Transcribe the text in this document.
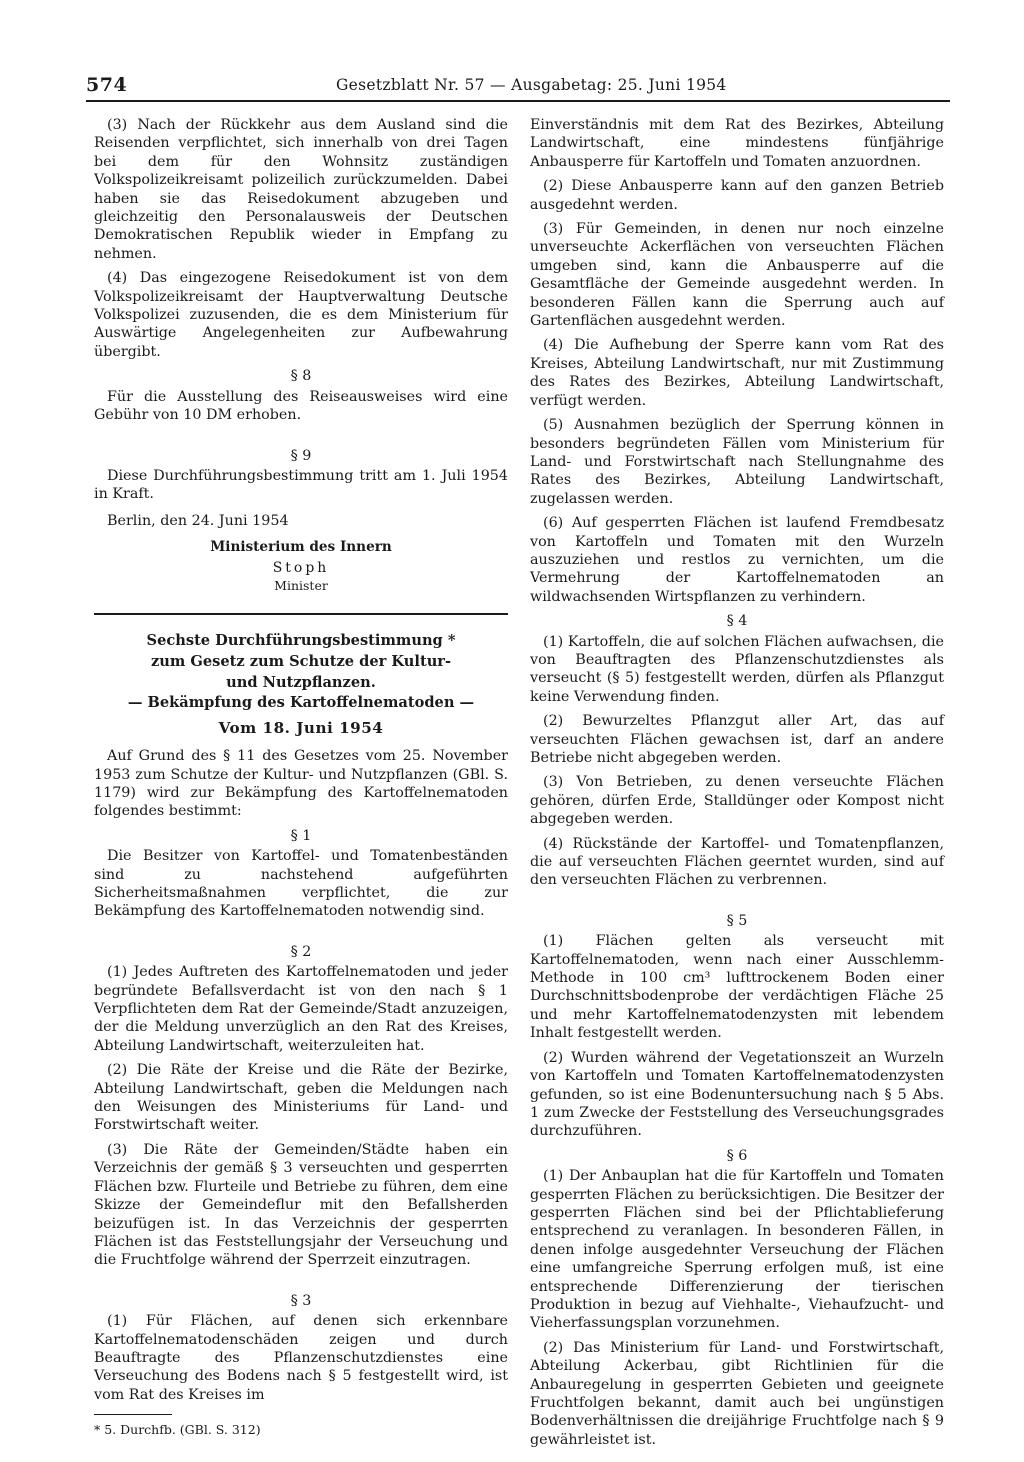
574	Gesetzblatt Nr. 57 — Ausgabetag: 25. Juni 1954

(3) Nach der Rückkehr aus dem Ausland sind die Reisenden verpflichtet, sich innerhalb von drei Tagen bei dem für den Wohnsitz zuständigen Volkspolizeikreisamt polizeilich zurückzumelden. Dabei haben sie das Reisedokument abzugeben und gleichzeitig den Personalausweis der Deutschen Demokratischen Republik wieder in Empfang zu nehmen.

(4) Das eingezogene Reisedokument ist von dem Volkspolizeikreisamt der Hauptverwaltung Deutsche Volkspolizei zuzusenden, die es dem Ministerium für Auswärtige Angelegenheiten zur Aufbewahrung übergibt.

§ 8

Für die Ausstellung des Reiseausweises wird eine Gebühr von 10 DM erhoben.

§ 9

Diese Durchführungsbestimmung tritt am 1. Juli 1954 in Kraft.

Berlin, den 24. Juni 1954

Ministerium des Innern

Stoph

Minister

Sechste Durchführungsbestimmung *

zum Gesetz zum Schutze der Kultur-

und Nutzpflanzen.

— Bekämpfung des Kartoffelnematoden —

Vom 18. Juni 1954

Auf Grund des § 11 des Gesetzes vom 25. November 1953 zum Schutze der Kultur- und Nutzpflanzen (GBl. S. 1179) wird zur Bekämpfung des Kartoffelnematoden folgendes bestimmt:

§ 1

Die Besitzer von Kartoffel- und Tomatenbeständen sind zu nachstehend aufgeführten Sicherheitsmaßnahmen verpflichtet, die zur Bekämpfung des Kartoffelnematoden notwendig sind.

§ 2

(1) Jedes Auftreten des Kartoffelnematoden und jeder begründete Befallsverdacht ist von den nach § 1 Verpflichteten dem Rat der Gemeinde/Stadt anzuzeigen, der die Meldung unverzüglich an den Rat des Kreises, Abteilung Landwirtschaft, weiterzuleiten hat.

(2) Die Räte der Kreise und die Räte der Bezirke, Abteilung Landwirtschaft, geben die Meldungen nach den Weisungen des Ministeriums für Land- und Forstwirtschaft weiter.

(3) Die Räte der Gemeinden/Städte haben ein Verzeichnis der gemäß § 3 verseuchten und gesperrten Flächen bzw. Flurteile und Betriebe zu führen, dem eine Skizze der Gemeindeflur mit den Befallsherden beizufügen ist. In das Verzeichnis der gesperrten Flächen ist das Feststellungsjahr der Verseuchung und die Fruchtfolge während der Sperrzeit einzutragen.

§ 3

(1) Für Flächen, auf denen sich erkennbare Kartoffelnematodenschäden zeigen und durch Beauftragte des Pflanzenschutzdienstes eine Verseuchung des Bodens nach § 5 festgestellt wird, ist vom Rat des Kreises im

* 5. Durchfb. (GBl. S. 312)

Einverständnis mit dem Rat des Bezirkes, Abteilung Landwirtschaft, eine mindestens fünfjährige Anbausperre für Kartoffeln und Tomaten anzuordnen.

(2) Diese Anbausperre kann auf den ganzen Betrieb ausgedehnt werden.

(3) Für Gemeinden, in denen nur noch einzelne unverseuchte Ackerflächen von verseuchten Flächen umgeben sind, kann die Anbausperre auf die Gesamtfläche der Gemeinde ausgedehnt werden. In besonderen Fällen kann die Sperrung auch auf Gartenflächen ausgedehnt werden.

(4) Die Aufhebung der Sperre kann vom Rat des Kreises, Abteilung Landwirtschaft, nur mit Zustimmung des Rates des Bezirkes, Abteilung Landwirtschaft, verfügt werden.

(5) Ausnahmen bezüglich der Sperrung können in besonders begründeten Fällen vom Ministerium für Land- und Forstwirtschaft nach Stellungnahme des Rates des Bezirkes, Abteilung Landwirtschaft, zugelassen werden.

(6) Auf gesperrten Flächen ist laufend Fremdbesatz von Kartoffeln und Tomaten mit den Wurzeln auszuziehen und restlos zu vernichten, um die Vermehrung der Kartoffelnematoden an wildwachsenden Wirtspflanzen zu verhindern.

§ 4

(1) Kartoffeln, die auf solchen Flächen aufwachsen, die von Beauftragten des Pflanzenschutzdienstes als verseucht (§ 5) festgestellt werden, dürfen als Pflanzgut keine Verwendung finden.

(2) Bewurzeltes Pflanzgut aller Art, das auf verseuchten Flächen gewachsen ist, darf an andere Betriebe nicht abgegeben werden.

(3) Von Betrieben, zu denen verseuchte Flächen gehören, dürfen Erde, Stalldünger oder Kompost nicht abgegeben werden.

(4) Rückstände der Kartoffel- und Tomatenpflanzen, die auf verseuchten Flächen geerntet wurden, sind auf den verseuchten Flächen zu verbrennen.

§ 5

(1) Flächen gelten als verseucht mit Kartoffelnematoden, wenn nach einer Ausschlemm-Methode in 100 cm³ lufttrockenem Boden einer Durchschnittsbodenprobe der verdächtigen Fläche 25 und mehr Kartoffelnematodenzysten mit lebendem Inhalt festgestellt werden.

(2) Wurden während der Vegetationszeit an Wurzeln von Kartoffeln und Tomaten Kartoffelnematodenzysten gefunden, so ist eine Bodenuntersuchung nach § 5 Abs. 1 zum Zwecke der Feststellung des Verseuchungsgrades durchzuführen.

§ 6

(1) Der Anbauplan hat die für Kartoffeln und Tomaten gesperrten Flächen zu berücksichtigen. Die Besitzer der gesperrten Flächen sind bei der Pflichtablieferung entsprechend zu veranlagen. In besonderen Fällen, in denen infolge ausgedehnter Verseuchung der Flächen eine umfangreiche Sperrung erfolgen muß, ist eine entsprechende Differenzierung der tierischen Produktion in bezug auf Viehhalte-, Viehaufzucht- und Vieherfassungsplan vorzunehmen.

(2) Das Ministerium für Land- und Forstwirtschaft, Abteilung Ackerbau, gibt Richtlinien für die Anbauregelung in gesperrten Gebieten und geeignete Fruchtfolgen bekannt, damit auch bei ungünstigen Bodenverhältnissen die dreijährige Fruchtfolge nach § 9 gewährleistet ist.
